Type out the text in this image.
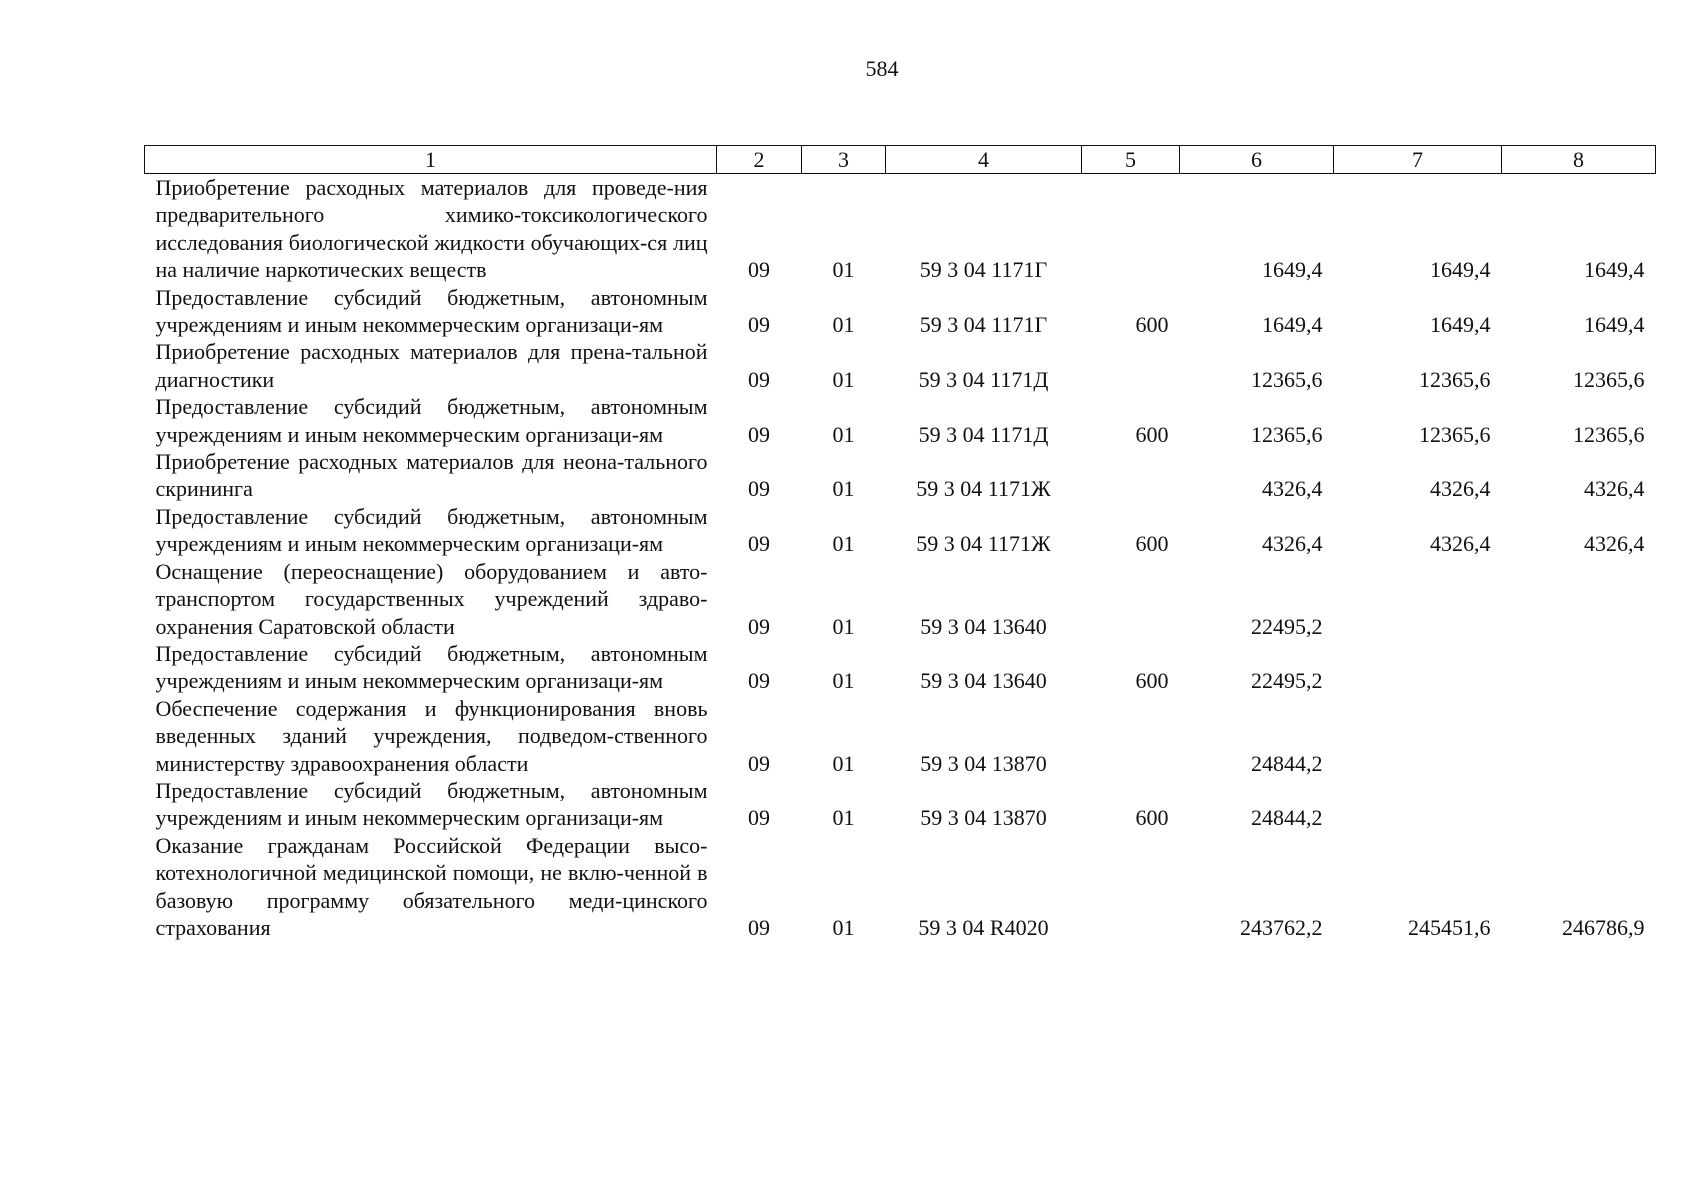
584
1	2	3	4	5	6	7	8
Приобретение расходных материалов для проведе-ния предварительного химико-токсикологического исследования биологической жидкости обучающих-ся лиц на наличие наркотических веществ	09	01	59 3 04 1171Г		1649,4	1649,4	1649,4
Предоставление субсидий бюджетным, автономным учреждениям и иным некоммерческим организаци-ям	09	01	59 3 04 1171Г	600	1649,4	1649,4	1649,4
Приобретение расходных материалов для прена-тальной диагностики	09	01	59 3 04 1171Д		12365,6	12365,6	12365,6
Предоставление субсидий бюджетным, автономным учреждениям и иным некоммерческим организаци-ям	09	01	59 3 04 1171Д	600	12365,6	12365,6	12365,6
Приобретение расходных материалов для неона-тального скрининга	09	01	59 3 04 1171Ж		4326,4	4326,4	4326,4
Предоставление субсидий бюджетным, автономным учреждениям и иным некоммерческим организаци-ям	09	01	59 3 04 1171Ж	600	4326,4	4326,4	4326,4
Оснащение (переоснащение) оборудованием и авто-транспортом государственных учреждений здраво-охранения Саратовской области	09	01	59 3 04 13640		22495,2		
Предоставление субсидий бюджетным, автономным учреждениям и иным некоммерческим организаци-ям	09	01	59 3 04 13640	600	22495,2		
Обеспечение содержания и функционирования вновь введенных зданий учреждения, подведом-ственного министерству здравоохранения области	09	01	59 3 04 13870		24844,2		
Предоставление субсидий бюджетным, автономным учреждениям и иным некоммерческим организаци-ям	09	01	59 3 04 13870	600	24844,2		
Оказание гражданам Российской Федерации высо-котехнологичной медицинской помощи, не вклю-ченной в базовую программу обязательного меди-цинского страхования	09	01	59 3 04 R4020		243762,2	245451,6	246786,9
